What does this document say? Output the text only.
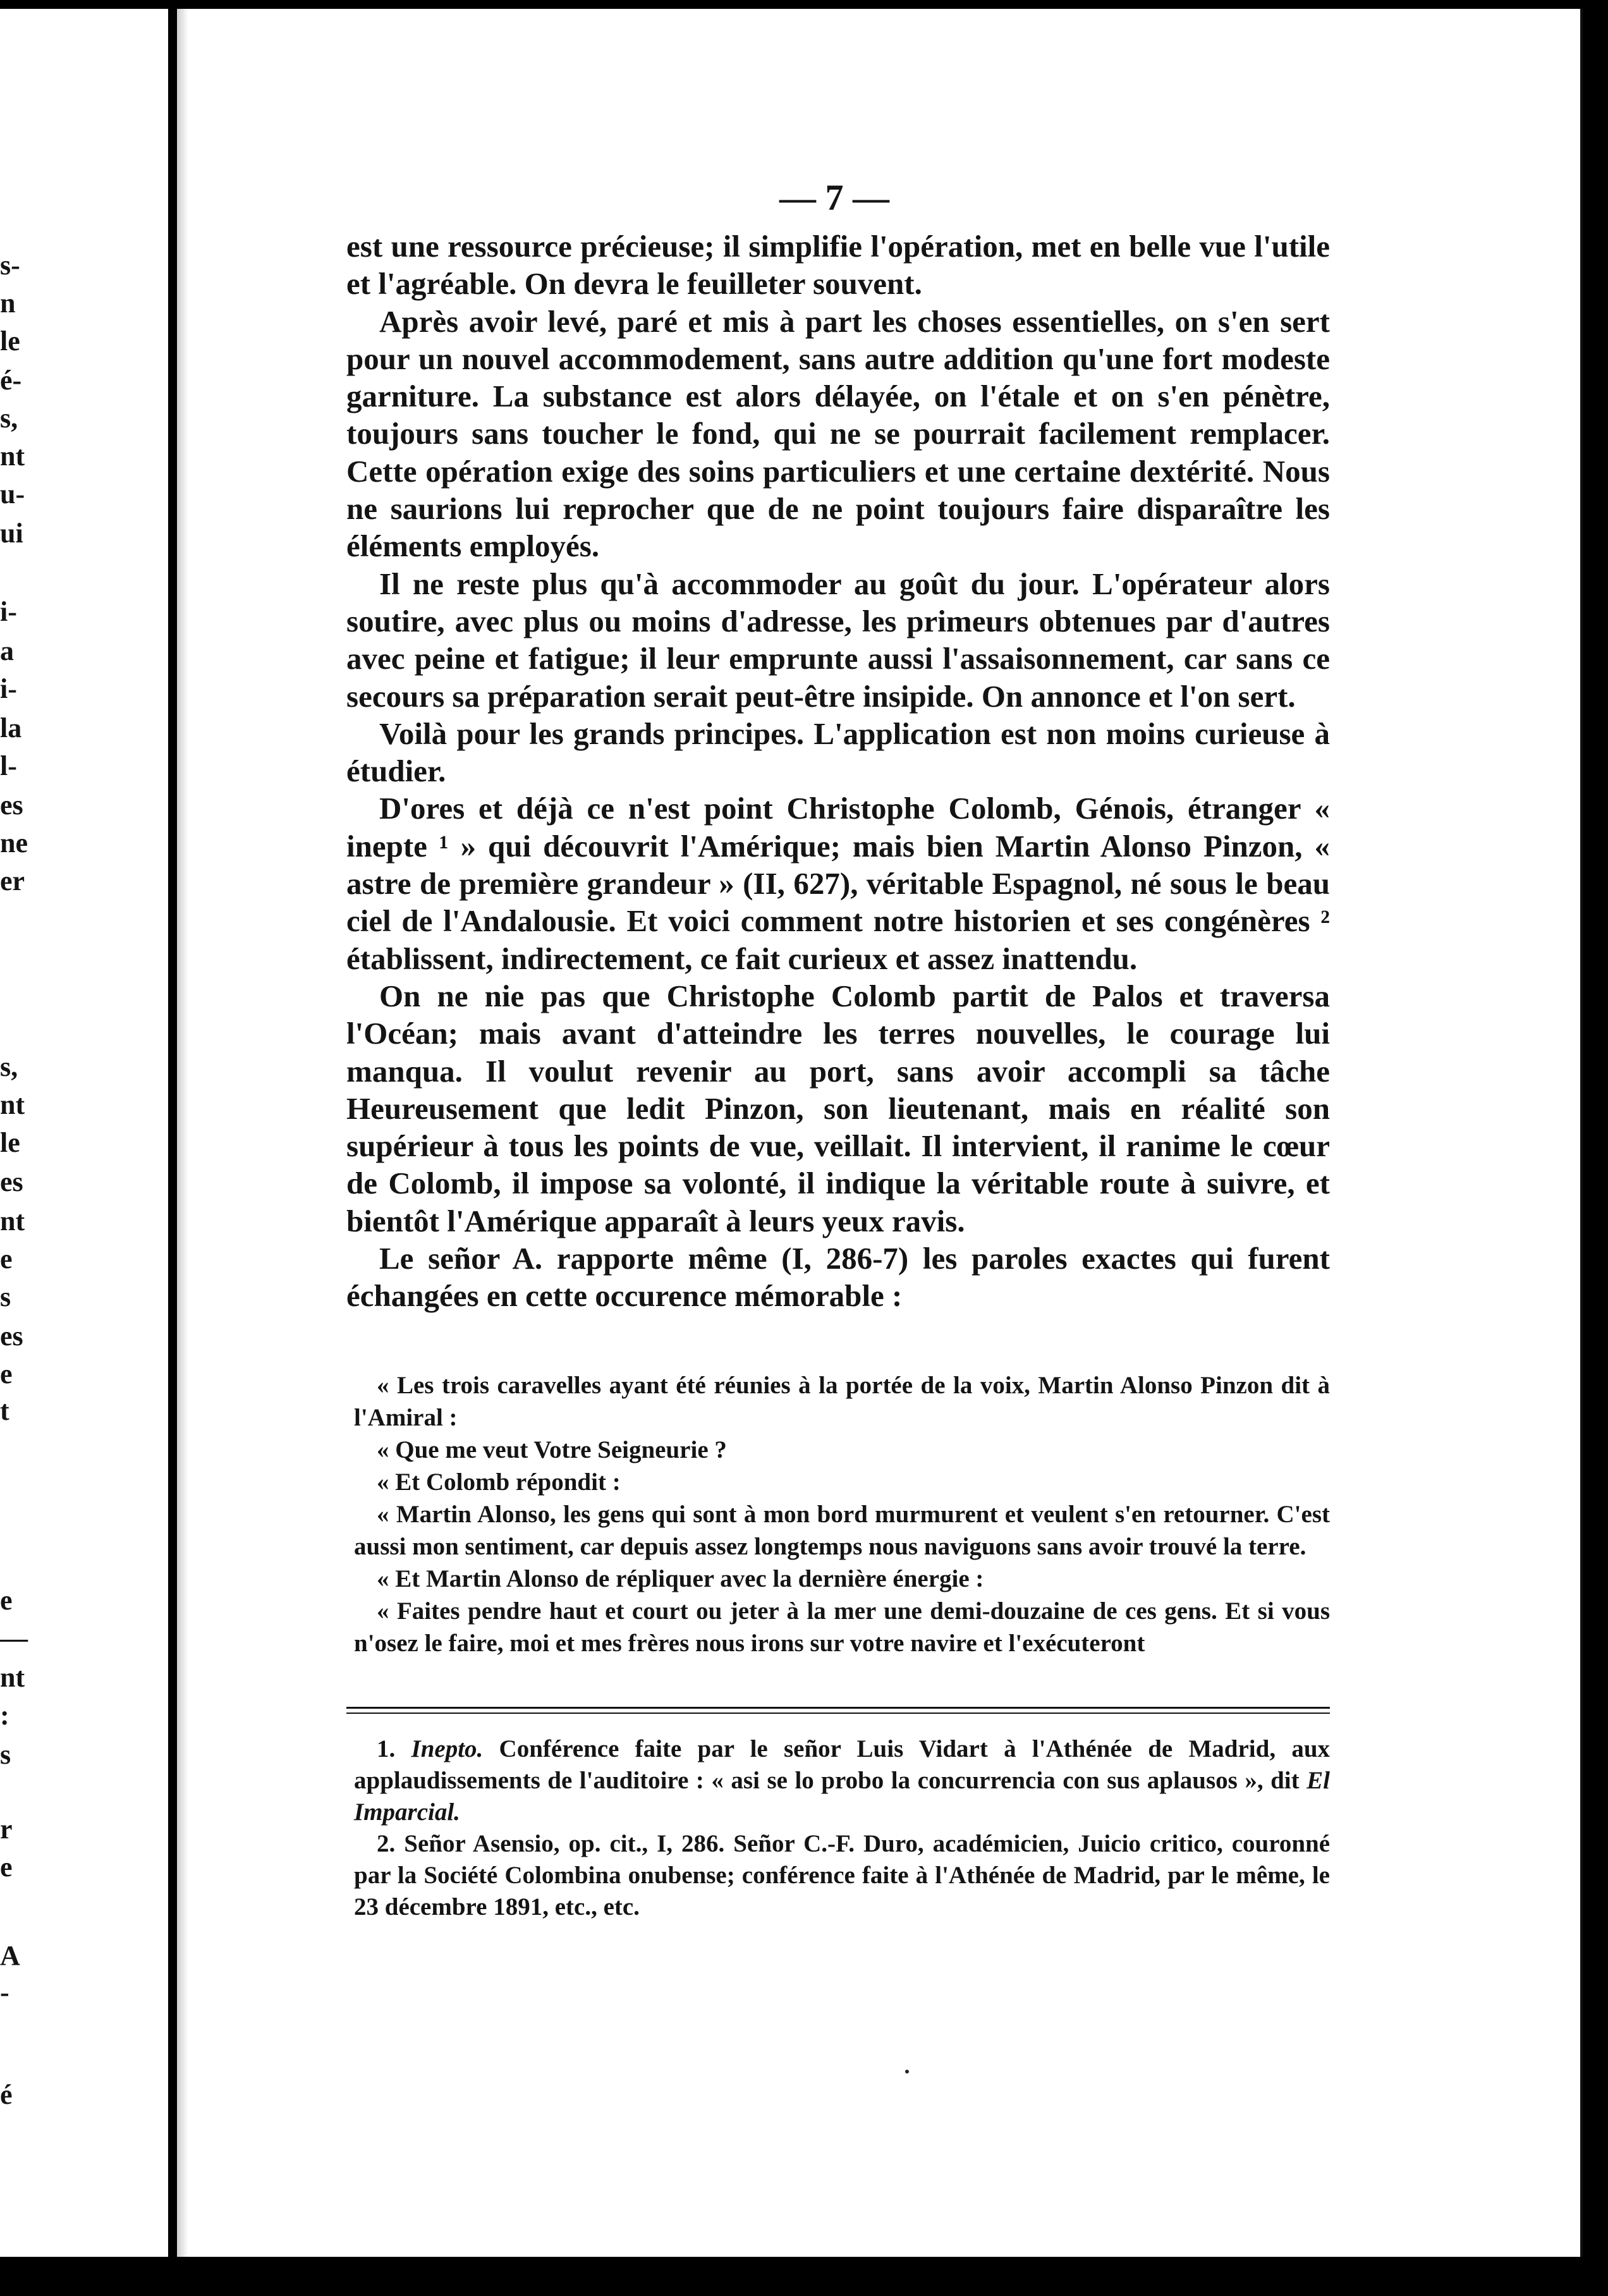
s-
n
le
é-
s,
nt
u-
ui
i-
a
i-
la
l-
es
ne
er
s,
nt
le
es
nt
e
s
es
e
t
e
—
nt
:
s
r
e
A
-
é
— 7 —

est une ressource précieuse; il simplifie l'opération, met en belle vue l'utile et l'agréable. On devra le feuilleter souvent.

Après avoir levé, paré et mis à part les choses essentielles, on s'en sert pour un nouvel accommodement, sans autre addition qu'une fort modeste garniture. La substance est alors délayée, on l'étale et on s'en pénètre, toujours sans toucher le fond, qui ne se pourrait facilement remplacer. Cette opération exige des soins particuliers et une certaine dextérité. Nous ne saurions lui reprocher que de ne point toujours faire disparaître les éléments employés.

Il ne reste plus qu'à accommoder au goût du jour. L'opérateur alors soutire, avec plus ou moins d'adresse, les primeurs obtenues par d'autres avec peine et fatigue; il leur emprunte aussi l'assaisonnement, car sans ce secours sa préparation serait peut-être insipide. On annonce et l'on sert.

Voilà pour les grands principes. L'application est non moins curieuse à étudier.

D'ores et déjà ce n'est point Christophe Colomb, Génois, étranger « inepte ¹ » qui découvrit l'Amérique; mais bien Martin Alonso Pinzon, « astre de première grandeur » (II, 627), véritable Espagnol, né sous le beau ciel de l'Andalousie. Et voici comment notre historien et ses congénères ² établissent, indirectement, ce fait curieux et assez inattendu.

On ne nie pas que Christophe Colomb partit de Palos et traversa l'Océan; mais avant d'atteindre les terres nouvelles, le courage lui manqua. Il voulut revenir au port, sans avoir accompli sa tâche Heureusement que ledit Pinzon, son lieutenant, mais en réalité son supérieur à tous les points de vue, veillait. Il intervient, il ranime le cœur de Colomb, il impose sa volonté, il indique la véritable route à suivre, et bientôt l'Amérique apparaît à leurs yeux ravis.

Le señor A. rapporte même (I, 286-7) les paroles exactes qui furent échangées en cette occurence mémorable :

« Les trois caravelles ayant été réunies à la portée de la voix, Martin Alonso Pinzon dit à l'Amiral :

« Que me veut Votre Seigneurie ?

« Et Colomb répondit :

« Martin Alonso, les gens qui sont à mon bord murmurent et veulent s'en retourner. C'est aussi mon sentiment, car depuis assez longtemps nous naviguons sans avoir trouvé la terre.

« Et Martin Alonso de répliquer avec la dernière énergie :

« Faites pendre haut et court ou jeter à la mer une demi-douzaine de ces gens. Et si vous n'osez le faire, moi et mes frères nous irons sur votre navire et l'exécuteront

1. Inepto. Conférence faite par le señor Luis Vidart à l'Athénée de Madrid, aux applaudissements de l'auditoire : « asi se lo probo la concurrencia con sus aplausos », dit El Imparcial.

2. Señor Asensio, op. cit., I, 286. Señor C.-F. Duro, académicien, Juicio critico, couronné par la Société Colombina onubense; conférence faite à l'Athénée de Madrid, par le même, le 23 décembre 1891, etc., etc.
